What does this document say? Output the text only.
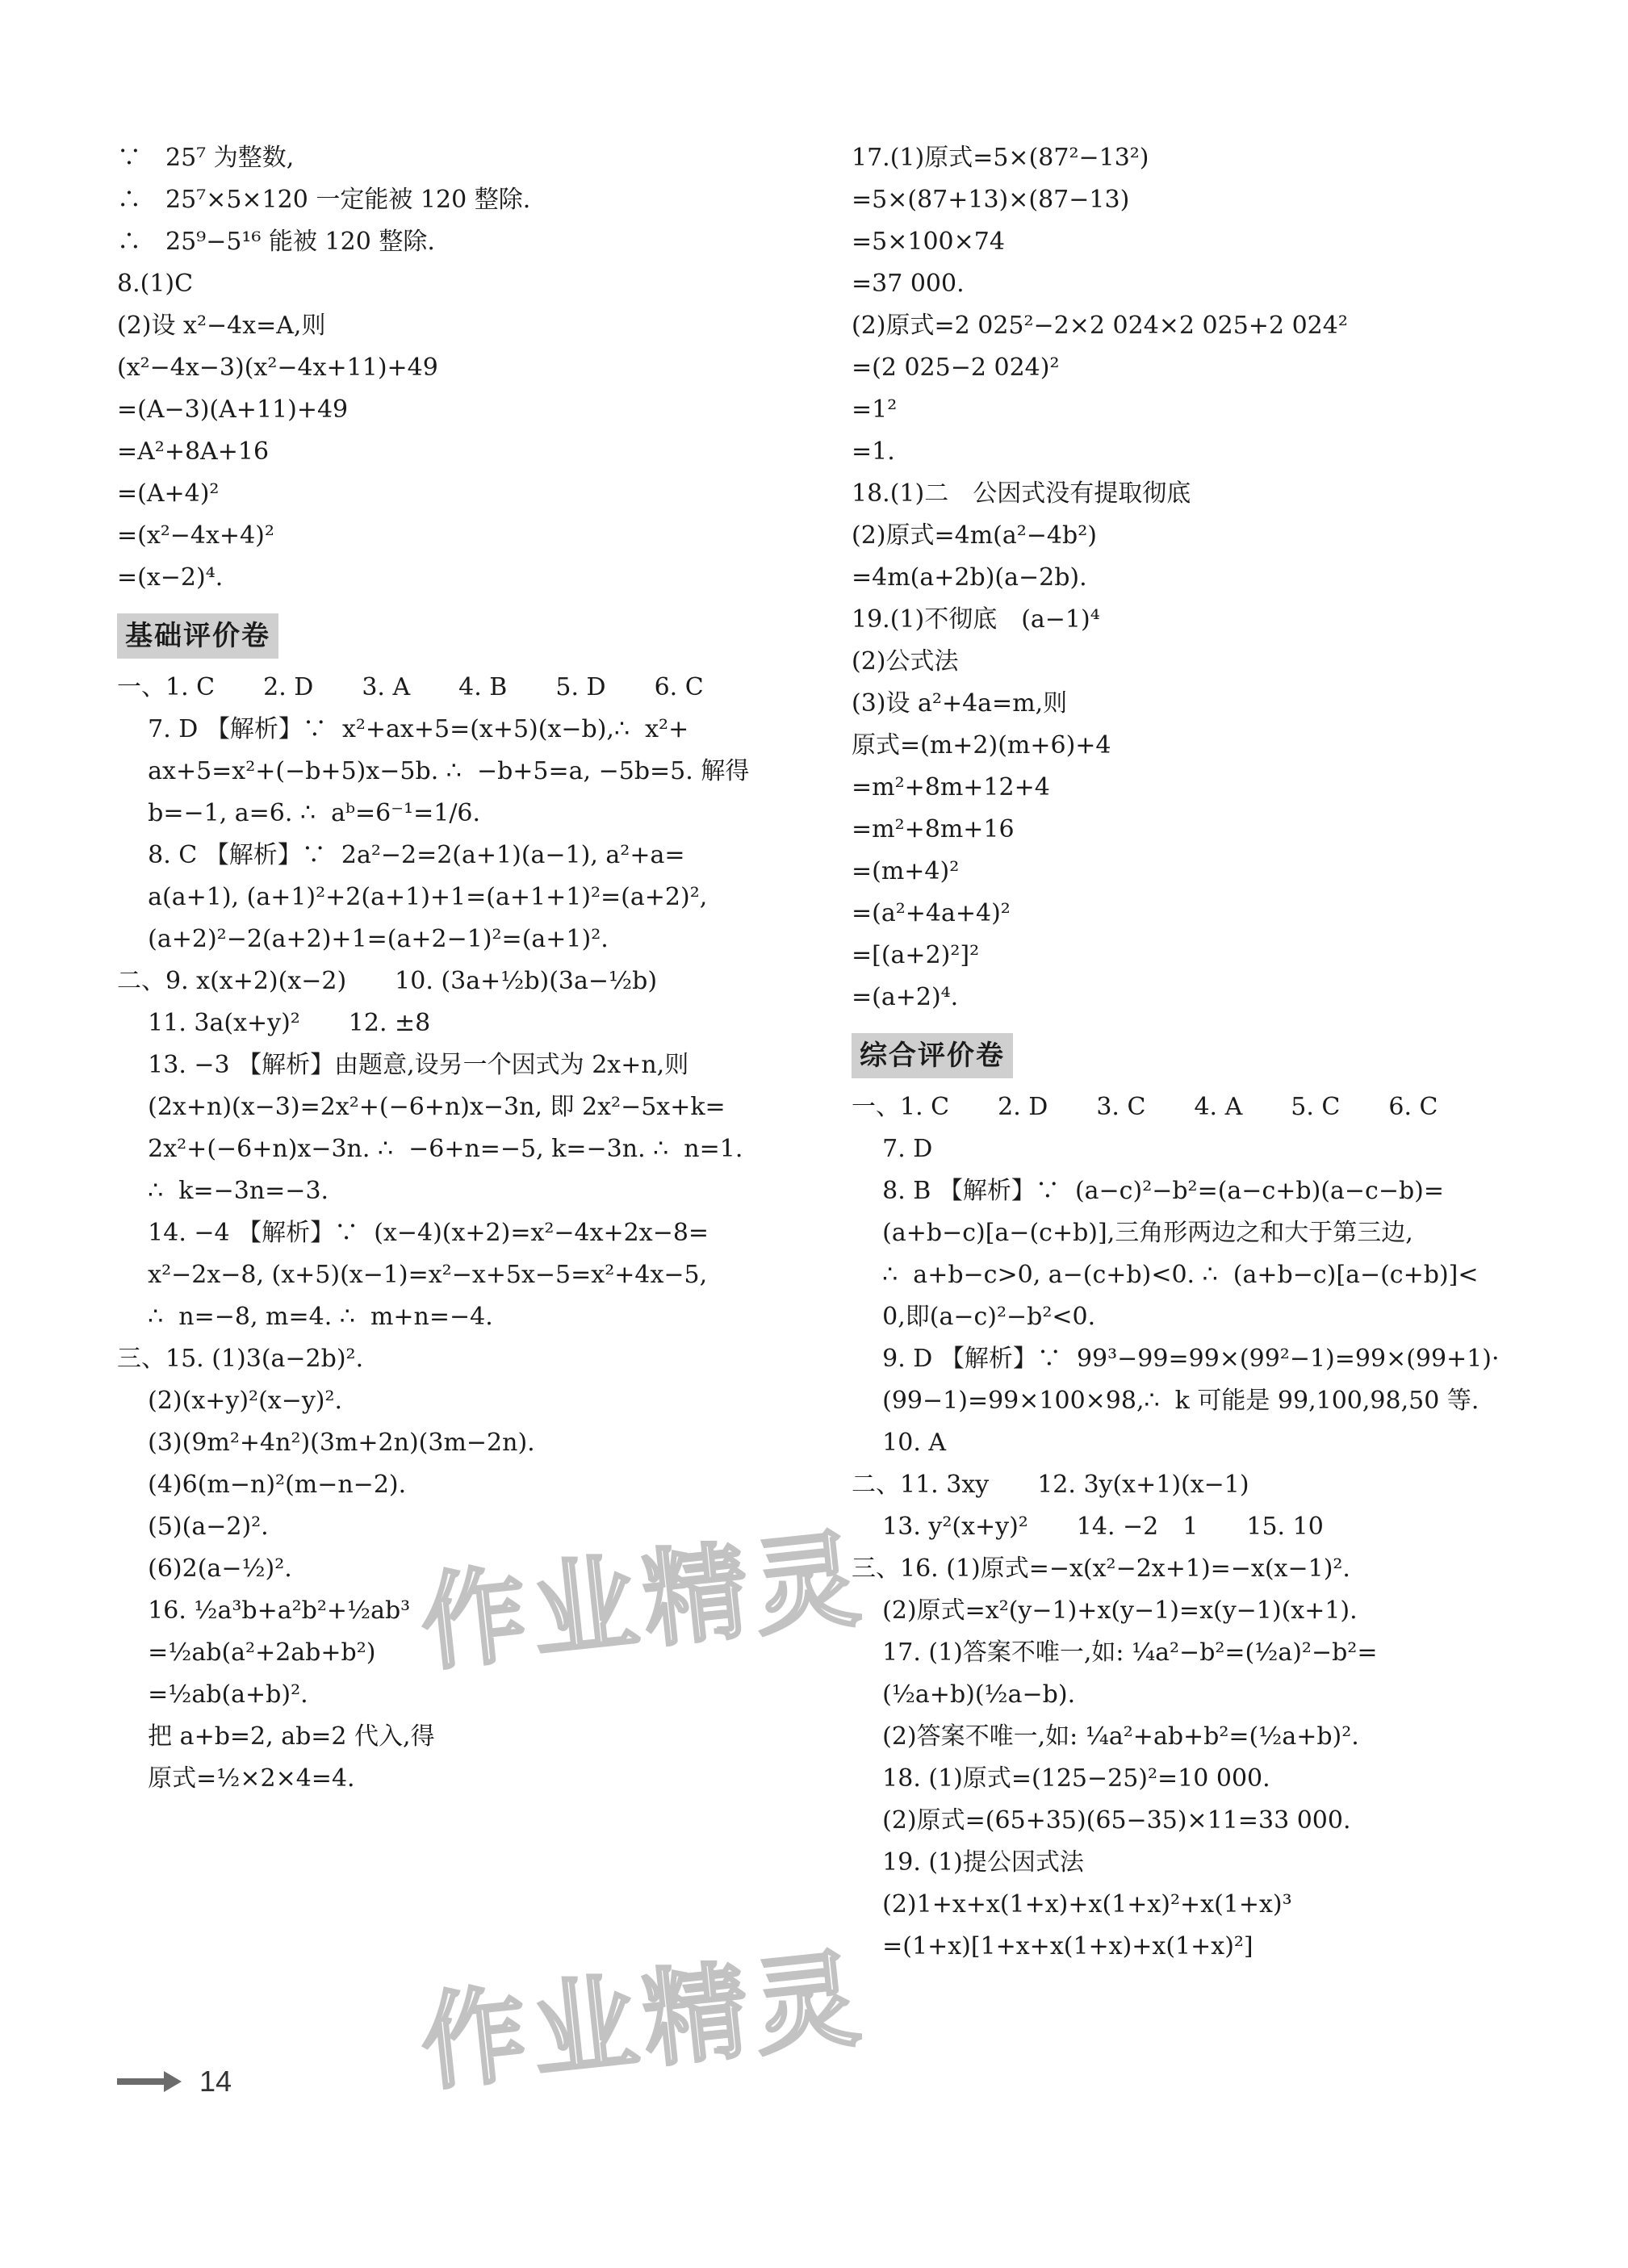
∵　25⁷ 为整数,
∴　25⁷×5×120 一定能被 120 整除.
∴　25⁹−5¹⁶ 能被 120 整除.
8.(1)C
(2)设 x²−4x=A,则
(x²−4x−3)(x²−4x+11)+49
=(A−3)(A+11)+49
=A²+8A+16
=(A+4)²
=(x²−4x+4)²
=(x−2)⁴.
基础评价卷
一、1. C　　2. D　　3. A　　4. B　　5. D　　6. C
7. D 【解析】∵  x²+ax+5=(x+5)(x−b),∴  x²+
ax+5=x²+(−b+5)x−5b. ∴  −b+5=a, −5b=5. 解得
b=−1, a=6. ∴  aᵇ=6⁻¹=1/6.
8. C 【解析】∵  2a²−2=2(a+1)(a−1), a²+a=
a(a+1), (a+1)²+2(a+1)+1=(a+1+1)²=(a+2)²,
(a+2)²−2(a+2)+1=(a+2−1)²=(a+1)².
二、9. x(x+2)(x−2)　　10. (3a+½b)(3a−½b)
11. 3a(x+y)²　　12. ±8
13. −3 【解析】由题意,设另一个因式为 2x+n,则
(2x+n)(x−3)=2x²+(−6+n)x−3n, 即 2x²−5x+k=
2x²+(−6+n)x−3n. ∴  −6+n=−5, k=−3n. ∴  n=1.
∴  k=−3n=−3.
14. −4 【解析】∵  (x−4)(x+2)=x²−4x+2x−8=
x²−2x−8, (x+5)(x−1)=x²−x+5x−5=x²+4x−5,
∴  n=−8, m=4. ∴  m+n=−4.
三、15. (1)3(a−2b)².
(2)(x+y)²(x−y)².
(3)(9m²+4n²)(3m+2n)(3m−2n).
(4)6(m−n)²(m−n−2).
(5)(a−2)².
(6)2(a−½)².
16. ½a³b+a²b²+½ab³
=½ab(a²+2ab+b²)
=½ab(a+b)².
把 a+b=2, ab=2 代入,得
原式=½×2×4=4.
17.(1)原式=5×(87²−13²)
=5×(87+13)×(87−13)
=5×100×74
=37 000.
(2)原式=2 025²−2×2 024×2 025+2 024²
=(2 025−2 024)²
=1²
=1.
18.(1)二　公因式没有提取彻底
(2)原式=4m(a²−4b²)
=4m(a+2b)(a−2b).
19.(1)不彻底　(a−1)⁴
(2)公式法
(3)设 a²+4a=m,则
原式=(m+2)(m+6)+4
=m²+8m+12+4
=m²+8m+16
=(m+4)²
=(a²+4a+4)²
=[(a+2)²]²
=(a+2)⁴.
综合评价卷
一、1. C　　2. D　　3. C　　4. A　　5. C　　6. C
7. D
8. B 【解析】∵  (a−c)²−b²=(a−c+b)(a−c−b)=
(a+b−c)[a−(c+b)],三角形两边之和大于第三边,
∴  a+b−c>0, a−(c+b)<0. ∴  (a+b−c)[a−(c+b)]<
0,即(a−c)²−b²<0.
9. D 【解析】∵  99³−99=99×(99²−1)=99×(99+1)·
(99−1)=99×100×98,∴  k 可能是 99,100,98,50 等.
10. A
二、11. 3xy　　12. 3y(x+1)(x−1)
13. y²(x+y)²　　14. −2　1　　15. 10
三、16. (1)原式=−x(x²−2x+1)=−x(x−1)².
(2)原式=x²(y−1)+x(y−1)=x(y−1)(x+1).
17. (1)答案不唯一,如: ¼a²−b²=(½a)²−b²=
(½a+b)(½a−b).
(2)答案不唯一,如: ¼a²+ab+b²=(½a+b)².
18. (1)原式=(125−25)²=10 000.
(2)原式=(65+35)(65−35)×11=33 000.
19. (1)提公因式法
(2)1+x+x(1+x)+x(1+x)²+x(1+x)³
=(1+x)[1+x+x(1+x)+x(1+x)²]
作业精灵
作业精灵
14
